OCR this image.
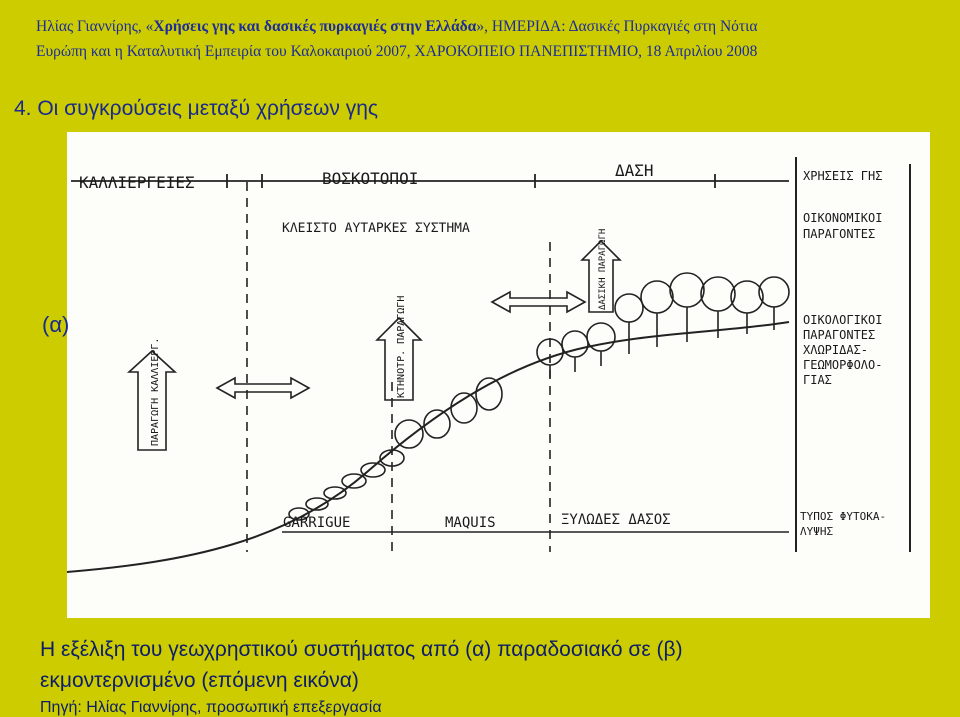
Ηλίας Γιαννίρης, «Χρήσεις γης και δασικές πυρκαγιές στην Ελλάδα», ΗΜΕΡΙΔΑ: Δασικές Πυρκαγιές στη Νότια
Ευρώπη και η Καταλυτική Εμπειρία του Καλοκαιριού 2007, ΧΑΡΟΚΟΠΕΙΟ ΠΑΝΕΠΙΣΤΗΜΙΟ, 18 Απριλίου 2008
4. Οι συγκρούσεις μεταξύ χρήσεων γης
ΚΑΛΛΙΕΡΓΕΙΕΣ	ΒΟΣΚΟΤΟΠΟΙ	ΔΑΣΗ
ΚΛΕΙΣΤΟ ΑΥΤΑΡΚΕΣ ΣΥΣΤΗΜΑ
GARRIGUE	MAQUIS	ΞΥΛΩΔΕΣ ΔΑΣΟΣ
ΠΑΡΑΓΩΓΗ ΚΑΛΛΙΕΡΓ.	ΚΤΗΝΟΤΡ. ΠΑΡΑΓΩΓΗ
ΔΑΣΙΚΗ ΠΑΡΑΓΩΓΗ
ΧΡΗΣΕΙΣ ΓΗΣ
ΟΙΚΟΝΟΜΙΚΟΙ
ΠΑΡΑΓΟΝΤΕΣ
ΟΙΚΟΛΟΓΙΚΟΙ
ΠΑΡΑΓΟΝΤΕΣ
ΧΛΩΡΙΔΑΣ-
ΓΕΩΜΟΡΦΟΛΟ-
ΓΙΑΣ
ΤΥΠΟΣ ΦΥΤΟΚΑ-
ΛΥΨΗΣ
(α)
Η εξέλιξη του γεωχρηστικού συστήματος από (α) παραδοσιακό σε (β)
εκμοντερνισμένο (επόμενη εικόνα)
Πηγή: Ηλίας Γιαννίρης, προσωπική επεξεργασία
